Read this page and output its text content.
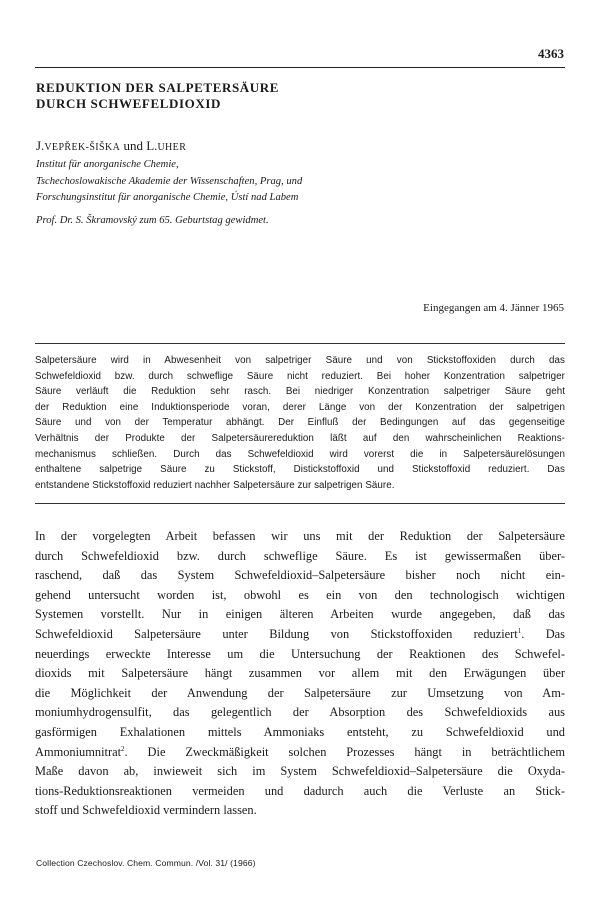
4363
REDUKTION DER SALPETERSÄURE
DURCH SCHWEFELDIOXID
J.VEPŘEK-ŠIŠKA und L.UHER
Institut für anorganische Chemie,
Tschechoslowakische Akademie der Wissenschaften, Prag, und
Forschungsinstitut für anorganische Chemie, Ústí nad Labem
Prof. Dr. S. Škramovský zum 65. Geburtstag gewidmet.
Eingegangen am 4. Jänner 1965
Salpetersäure wird in Abwesenheit von salpetriger Säure und von Stickstoffoxiden durch das
Schwefeldioxid bzw. durch schweflige Säure nicht reduziert. Bei hoher Konzentration salpetriger
Säure verläuft die Reduktion sehr rasch. Bei niedriger Konzentration salpetriger Säure geht
der Reduktion eine Induktionsperiode voran, derer Länge von der Konzentration der salpetrigen
Säure und von der Temperatur abhängt. Der Einfluß der Bedingungen auf das gegenseitige
Verhältnis der Produkte der Salpetersäurereduktion läßt auf den wahrscheinlichen Reaktions-
mechanismus schließen. Durch das Schwefeldioxid wird vorerst die in Salpetersäurelösungen
enthaltene salpetrige Säure zu Stickstoff, Distickstoffoxid und Stickstoffoxid reduziert. Das
entstandene Stickstoffoxid reduziert nachher Salpetersäure zur salpetrigen Säure.
In der vorgelegten Arbeit befassen wir uns mit der Reduktion der Salpetersäure
durch Schwefeldioxid bzw. durch schweflige Säure. Es ist gewissermaßen über-
raschend, daß das System Schwefeldioxid–Salpetersäure bisher noch nicht ein-
gehend untersucht worden ist, obwohl es ein von den technologisch wichtigen
Systemen vorstellt. Nur in einigen älteren Arbeiten wurde angegeben, daß das
Schwefeldioxid Salpetersäure unter Bildung von Stickstoffoxiden reduziert$^1$. Das
neuerdings erweckte Interesse um die Untersuchung der Reaktionen des Schwefel-
dioxids mit Salpetersäure hängt zusammen vor allem mit den Erwägungen über
die Möglichkeit der Anwendung der Salpetersäure zur Umsetzung von Am-
moniumhydrogensulfit, das gelegentlich der Absorption des Schwefeldioxids aus
gasförmigen Exhalationen mittels Ammoniaks entsteht, zu Schwefeldioxid und
Ammoniumnitrat$^2$. Die Zweckmäßigkeit solchen Prozesses hängt in beträchtlichem
Maße davon ab, inwieweit sich im System Schwefeldioxid–Salpetersäure die Oxyda-
tions-Reduktionsreaktionen vermeiden und dadurch auch die Verluste an Stick-
stoff und Schwefeldioxid vermindern lassen.
Collection Czechoslov. Chem. Commun. /Vol. 31/ (1966)
